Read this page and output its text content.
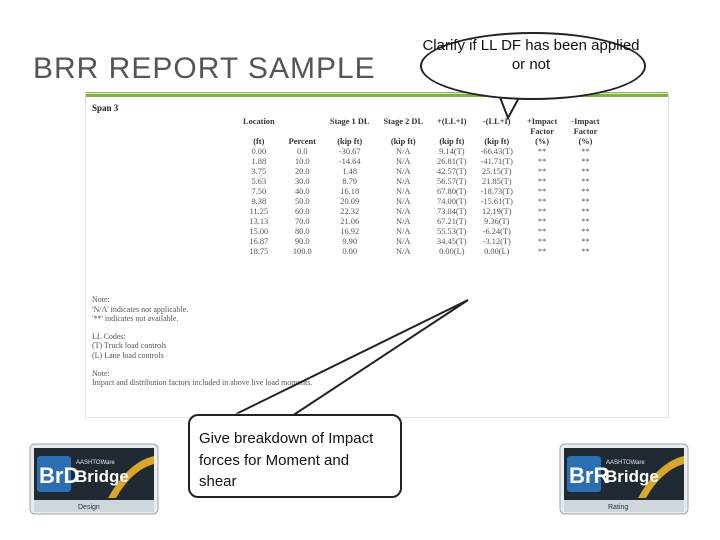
BRR REPORT SAMPLE
Span 3
Location		Stage 1 DL	Stage 2 DL	+(LL+I)	-(LL+I)	+Impact	-Impact
						Factor	Factor
(ft)	Percent	(kip ft)	(kip ft)	(kip ft)	(kip ft)	(%)	(%)
0.00	0.0	-30.67	N/A	9.14(T)	-66.43(T)	**	**
1.88	10.0	-14.64	N/A	26.81(T)	-41.71(T)	**	**
3.75	20.0	1.48	N/A	42.57(T)	25.15(T)	**	**
5.63	30.0	8.79	N/A	56.57(T)	21.85(T)	**	**
7.50	40.0	16.18	N/A	67.80(T)	-18.73(T)	**	**
9.38	50.0	20.09	N/A	74.00(T)	-15.61(T)	**	**
11.25	60.0	22.32	N/A	73.04(T)	12.19(T)	**	**
13.13	70.0	21.06	N/A	67.21(T)	9.36(T)	**	**
15.00	80.0	16.92	N/A	55.53(T)	-6.24(T)	**	**
16.87	90.0	9.90	N/A	34.45(T)	-3.12(T)	**	**
18.75	100.0	0.00	N/A	0.00(L)	0.00(L)	**	**
Note:
'N/A' indicates not applicable.
'**' indicates not available.
LL Codes:
(T) Truck load controls
(L) Lane load controls
Note:
Impact and distribution factors included in above live load moments.
Clarify if LL DF has been applied or not
Give breakdown of Impact forces for Moment and shear
BrD
AASHTOWare
Bridge
Design
BrR
AASHTOWare
Bridge
Rating
